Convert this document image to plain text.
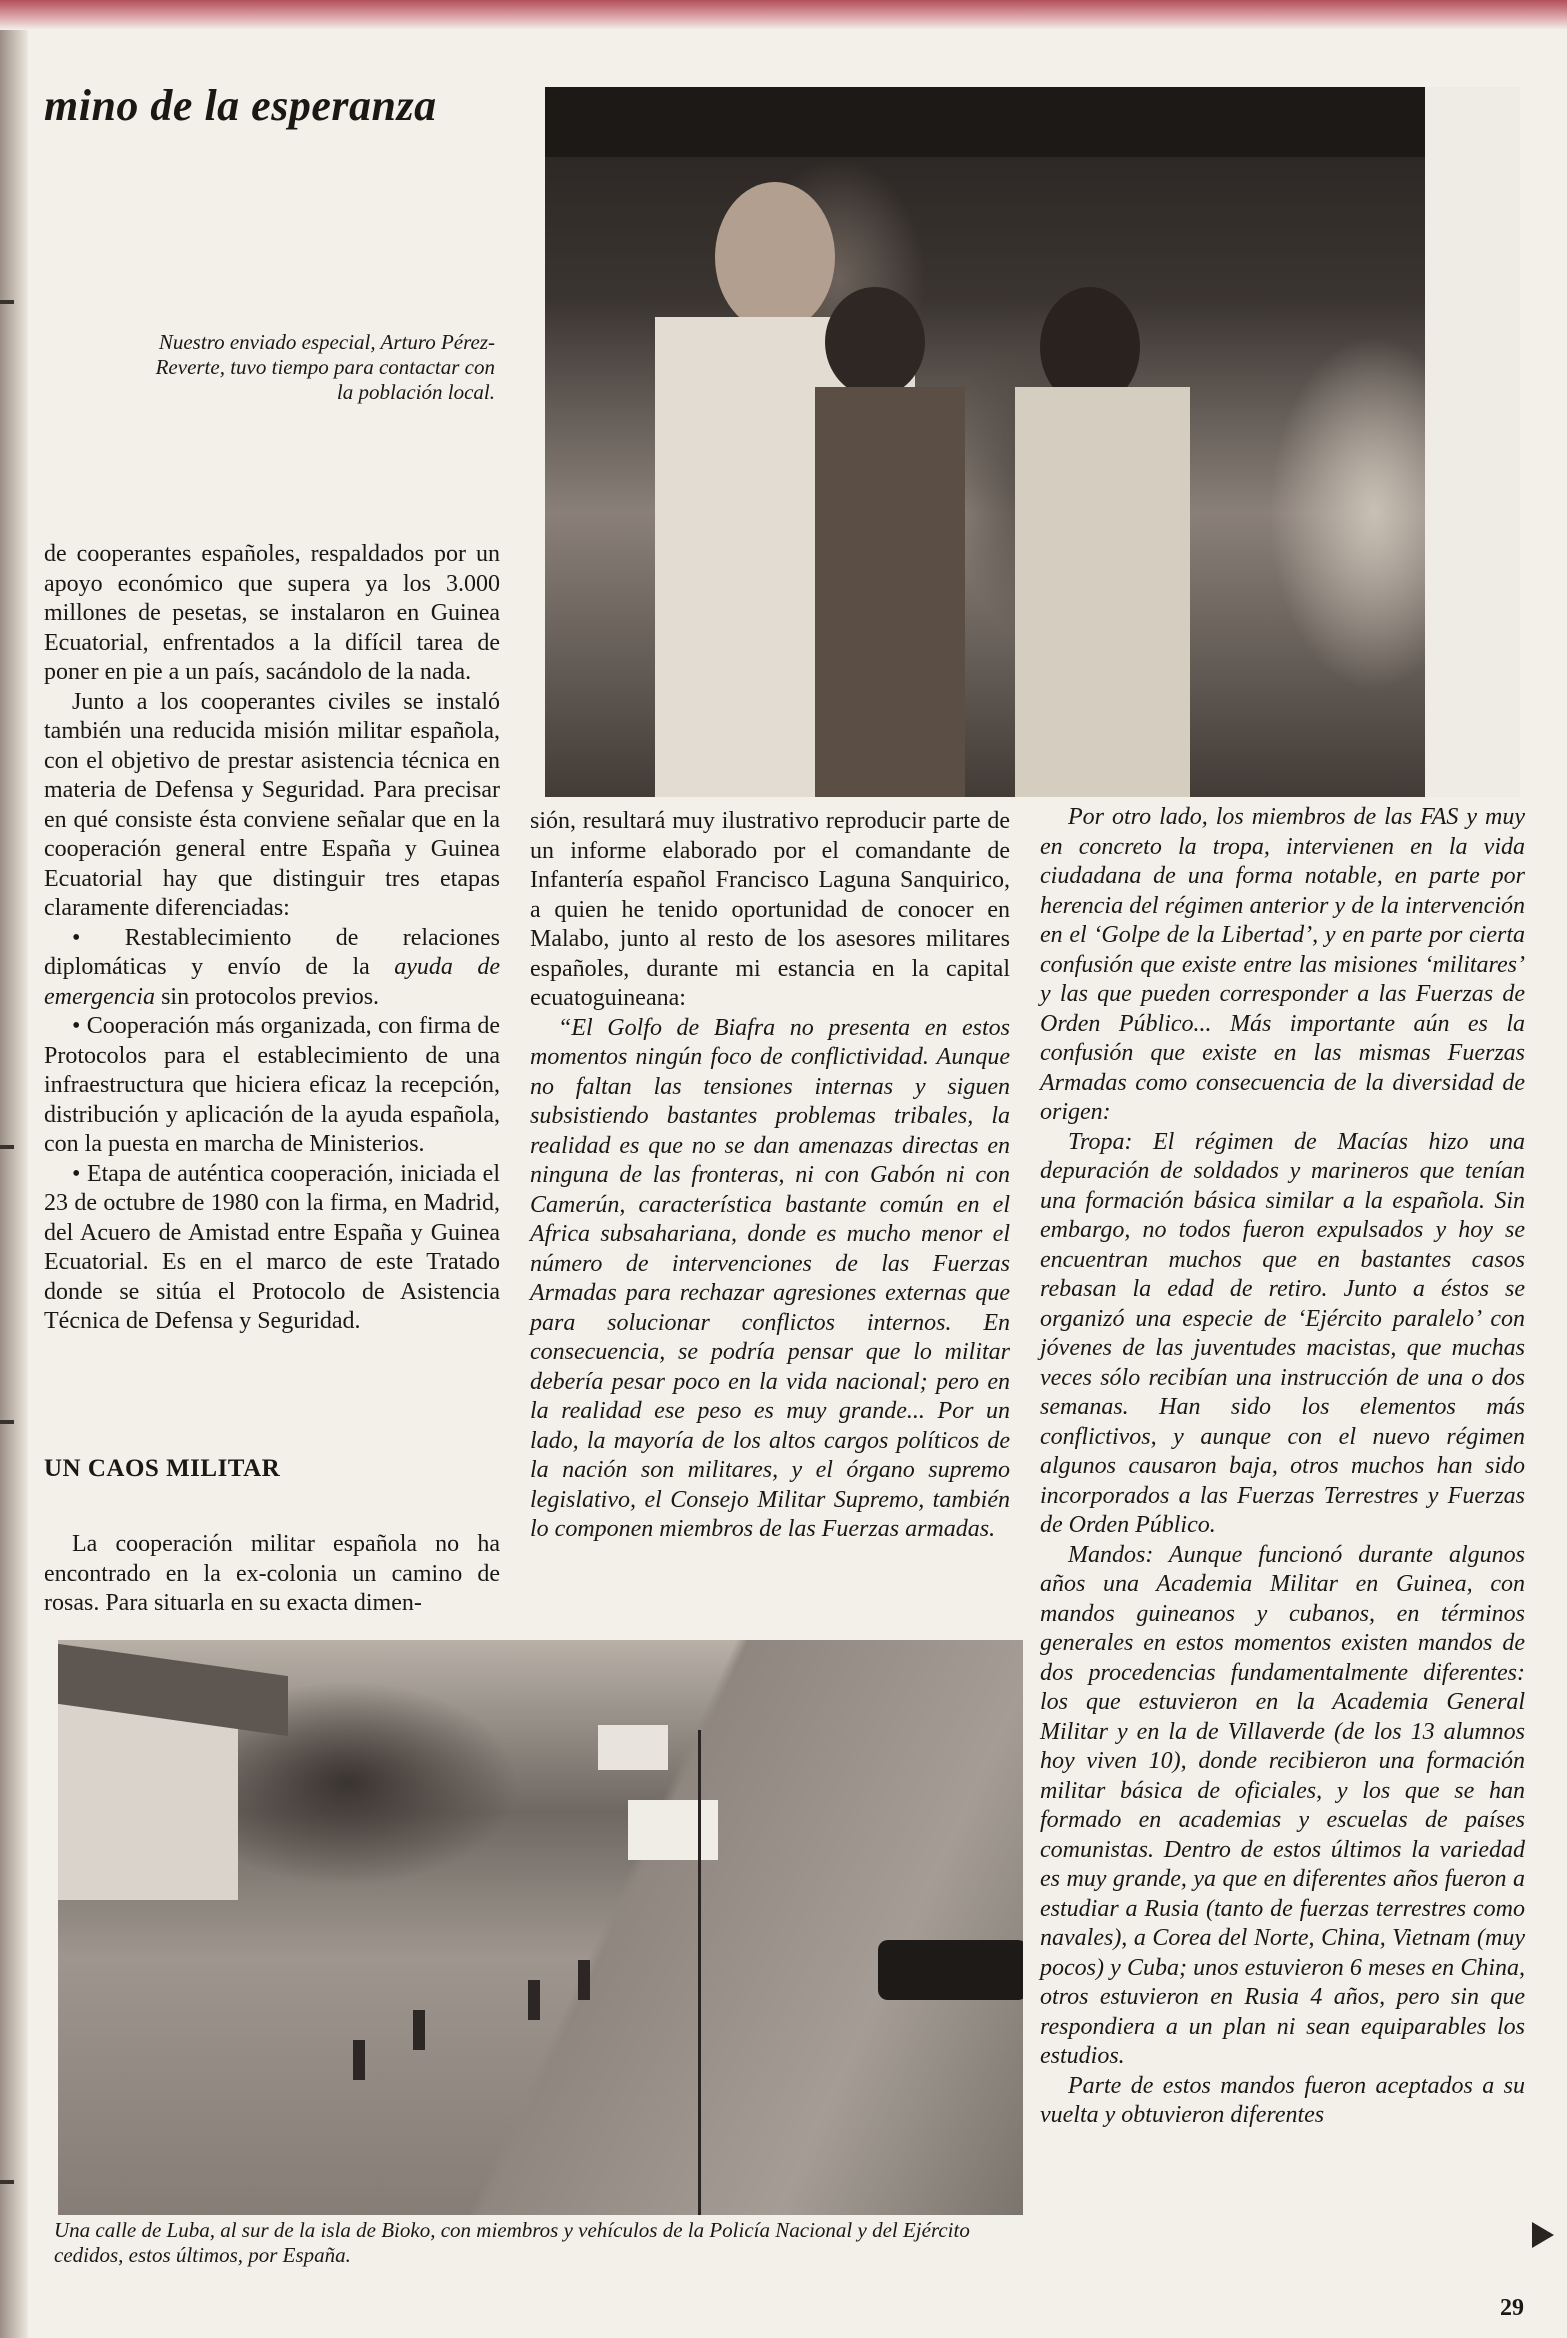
mino de la esperanza

Nuestro enviado especial, Arturo Pérez-Reverte, tuvo tiempo para contactar con la población local.

de cooperantes españoles, respaldados por un apoyo económico que supera ya los 3.000 millones de pesetas, se instalaron en Guinea Ecuatorial, enfrentados a la difícil tarea de poner en pie a un país, sacándolo de la nada.

Junto a los cooperantes civiles se instaló también una reducida misión militar española, con el objetivo de prestar asistencia técnica en materia de Defensa y Seguridad. Para precisar en qué consiste ésta conviene señalar que en la cooperación general entre España y Guinea Ecuatorial hay que distinguir tres etapas claramente diferenciadas:

• Restablecimiento de relaciones diplomáticas y envío de la ayuda de emergencia sin protocolos previos.

• Cooperación más organizada, con firma de Protocolos para el establecimiento de una infraestructura que hiciera eficaz la recepción, distribución y aplicación de la ayuda española, con la puesta en marcha de Ministerios.

• Etapa de auténtica cooperación, iniciada el 23 de octubre de 1980 con la firma, en Madrid, del Acuero de Amistad entre España y Guinea Ecuatorial. Es en el marco de este Tratado donde se sitúa el Protocolo de Asistencia Técnica de Defensa y Seguridad.

UN CAOS MILITAR

La cooperación militar española no ha encontrado en la ex-colonia un camino de rosas. Para situarla en su exacta dimen-

sión, resultará muy ilustrativo reproducir parte de un informe elaborado por el comandante de Infantería español Francisco Laguna Sanquirico, a quien he tenido oportunidad de conocer en Malabo, junto al resto de los asesores militares españoles, durante mi estancia en la capital ecuatoguineana:

“El Golfo de Biafra no presenta en estos momentos ningún foco de conflictividad. Aunque no faltan las tensiones internas y siguen subsistiendo bastantes problemas tribales, la realidad es que no se dan amenazas directas en ninguna de las fronteras, ni con Gabón ni con Camerún, característica bastante común en el Africa subsahariana, donde es mucho menor el número de intervenciones de las Fuerzas Armadas para rechazar agresiones externas que para solucionar conflictos internos. En consecuencia, se podría pensar que lo militar debería pesar poco en la vida nacional; pero en la realidad ese peso es muy grande... Por un lado, la mayoría de los altos cargos políticos de la nación son militares, y el órgano supremo legislativo, el Consejo Militar Supremo, también lo componen miembros de las Fuerzas armadas.

Por otro lado, los miembros de las FAS y muy en concreto la tropa, intervienen en la vida ciudadana de una forma notable, en parte por herencia del régimen anterior y de la intervención en el ‘Golpe de la Libertad’, y en parte por cierta confusión que existe entre las misiones ‘militares’ y las que pueden corresponder a las Fuerzas de Orden Público... Más importante aún es la confusión que existe en las mismas Fuerzas Armadas como consecuencia de la diversidad de origen:

Tropa: El régimen de Macías hizo una depuración de soldados y marineros que tenían una formación básica similar a la española. Sin embargo, no todos fueron expulsados y hoy se encuentran muchos que en bastantes casos rebasan la edad de retiro. Junto a éstos se organizó una especie de ‘Ejército paralelo’ con jóvenes de las juventudes macistas, que muchas veces sólo recibían una instrucción de una o dos semanas. Han sido los elementos más conflictivos, y aunque con el nuevo régimen algunos causaron baja, otros muchos han sido incorporados a las Fuerzas Terrestres y Fuerzas de Orden Público.

Mandos: Aunque funcionó durante algunos años una Academia Militar en Guinea, con mandos guineanos y cubanos, en términos generales en estos momentos existen mandos de dos procedencias fundamentalmente diferentes: los que estuvieron en la Academia General Militar y en la de Villaverde (de los 13 alumnos hoy viven 10), donde recibieron una formación militar básica de oficiales, y los que se han formado en academias y escuelas de países comunistas. Dentro de estos últimos la variedad es muy grande, ya que en diferentes años fueron a estudiar a Rusia (tanto de fuerzas terrestres como navales), a Corea del Norte, China, Vietnam (muy pocos) y Cuba; unos estuvieron 6 meses en China, otros estuvieron en Rusia 4 años, pero sin que respondiera a un plan ni sean equiparables los estudios.

Parte de estos mandos fueron aceptados a su vuelta y obtuvieron diferentes

Una calle de Luba, al sur de la isla de Bioko, con miembros y vehículos de la Policía Nacional y del Ejército cedidos, estos últimos, por España.

29
